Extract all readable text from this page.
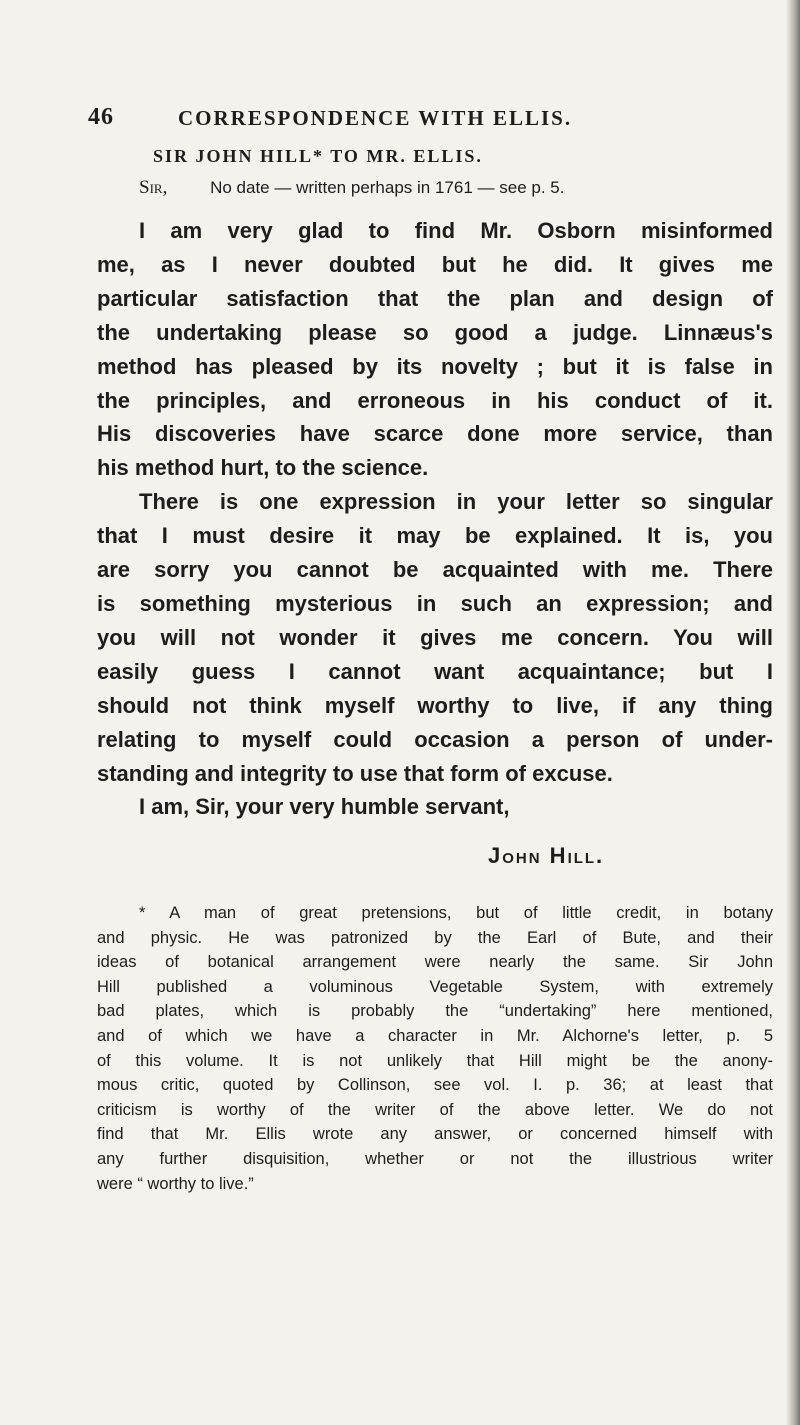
46	CORRESPONDENCE WITH ELLIS.
SIR JOHN HILL* TO MR. ELLIS.
Sir,	No date — written perhaps in 1761 — see p. 5.
I am very glad to find Mr. Osborn misinformed
me, as I never doubted but he did. It gives me
particular satisfaction that the plan and design of
the undertaking please so good a judge. Linnæus's
method has pleased by its novelty ; but it is false in
the principles, and erroneous in his conduct of it.
His discoveries have scarce done more service, than
his method hurt, to the science.
There is one expression in your letter so singular
that I must desire it may be explained. It is, you
are sorry you cannot be acquainted with me. There
is something mysterious in such an expression; and
you will not wonder it gives me concern. You will
easily guess I cannot want acquaintance; but I
should not think myself worthy to live, if any thing
relating to myself could occasion a person of under-
standing and integrity to use that form of excuse.
I am, Sir, your very humble servant,
John Hill.
* A man of great pretensions, but of little credit, in botany
and physic. He was patronized by the Earl of Bute, and their
ideas of botanical arrangement were nearly the same. Sir John
Hill published a voluminous Vegetable System, with extremely
bad plates, which is probably the “undertaking” here mentioned,
and of which we have a character in Mr. Alchorne's letter, p. 5
of this volume. It is not unlikely that Hill might be the anony-
mous critic, quoted by Collinson, see vol. I. p. 36; at least that
criticism is worthy of the writer of the above letter. We do not
find that Mr. Ellis wrote any answer, or concerned himself with
any further disquisition, whether or not the illustrious writer
were “ worthy to live.”
